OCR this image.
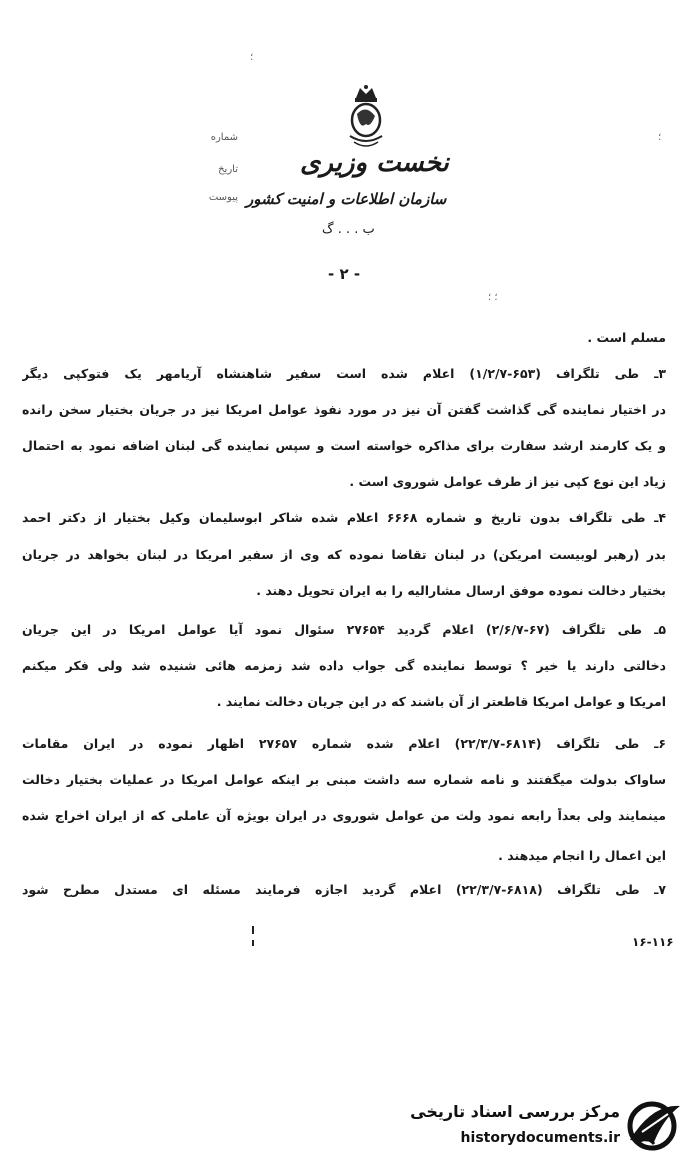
نخست وزیری
سازمان اطلاعات و امنیت کشور
ب . . . گ
شماره
تاریخ
پیوست
؛
؛
؛ ؛
- ۲ -
مسلم است .
۳ـ طی تلگراف (۶۵۳-۱/۲/۷) اعلام شده است سفیر شاهنشاه آریامهر یک فتوکپی دیگر
در اختیار نماینده گی گذاشت گفتن آن نیز در مورد نفوذ عوامل امریکا نیز در جریان بختیار سخن رانده
و یک کارمند ارشد سفارت برای مذاکره خواسته است و سپس نماینده گی لبنان اضافه نمود به احتمال
زیاد این نوع کپی نیز از طرف عوامل شوروی است .
۴ـ طی تلگراف بدون تاریخ و شماره ۶۶۶۸ اعلام شده شاکر ابوسلیمان وکیل بختیار از دکتر احمد
بدر (رهبر لوبیست امریکن) در لبنان تقاضا نموده که وی از سفیر امریکا در لبنان بخواهد در جریان
بختیار دخالت نموده موفق ارسال مشارالیه را به ایران تحویل دهند .
۵ـ طی تلگراف (۶۷-۲/۶/۷) اعلام گردید ۲۷۶۵۴ سئوال نمود آیا عوامل امریکا در این جریان
دخالتی دارند یا خیر ؟ توسط نماینده گی جواب داده شد زمزمه هائی شنیده شد ولی فکر میکنم
امریکا و عوامل امریکا قاطعتر از آن باشند که در این جریان دخالت نمایند .
۶ـ طی تلگراف (۶۸۱۴-۲۲/۳/۷) اعلام شده شماره ۲۷۶۵۷ اظهار نموده در ایران مقامات
ساواک بدولت میگفتند و نامه شماره سه داشت مبنی بر اینکه عوامل امریکا در عملیات بختیار دخالت
مینمایند ولی بعداً رابعه نمود ولت من عوامل شوروی در ایران بویژه آن عاملی که از ایران اخراج شده
این اعمال را انجام میدهند .
۷ـ طی تلگراف (۶۸۱۸-۲۲/۳/۷) اعلام گردید اجازه فرمایند مسئله ای مستدل مطرح شود
۱۶-۱۱۶
مرکز بررسی اسناد تاریخی
historydocuments.ir
